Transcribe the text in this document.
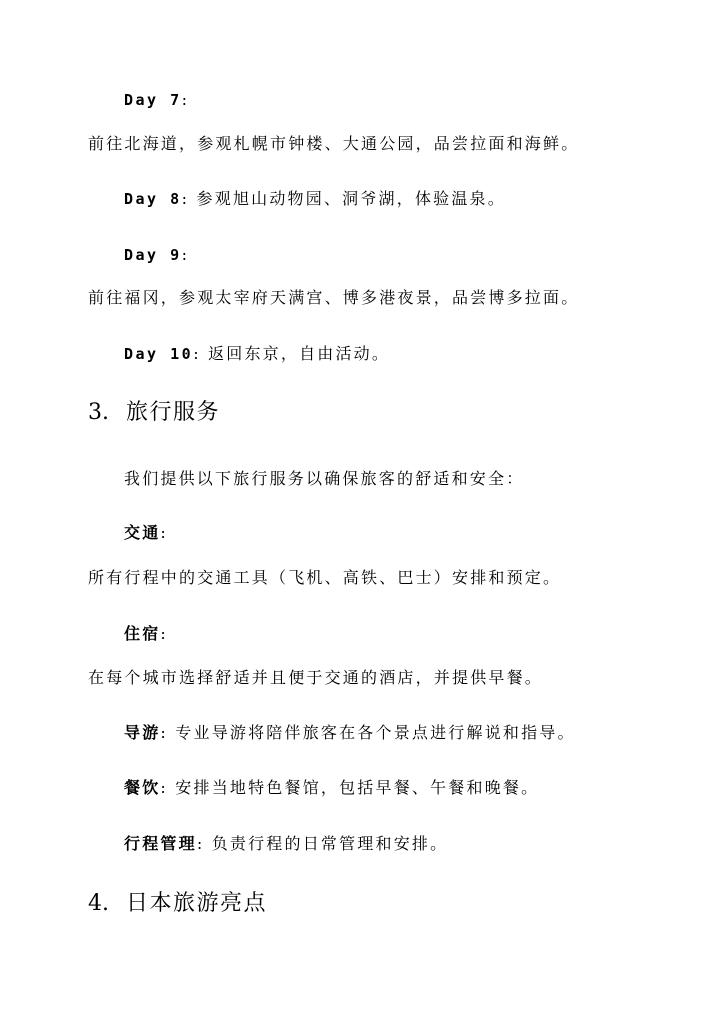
Day 7:
前往北海道，参观札幌市钟楼、大通公园，品尝拉面和海鲜。
Day 8: 参观旭山动物园、洞爷湖，体验温泉。
Day 9:
前往福冈，参观太宰府天满宫、博多港夜景，品尝博多拉面。
Day 10: 返回东京，自由活动。
3. 旅行服务
我们提供以下旅行服务以确保旅客的舒适和安全：
交通:
所有行程中的交通工具（飞机、高铁、巴士）安排和预定。
住宿:
在每个城市选择舒适并且便于交通的酒店，并提供早餐。
导游: 专业导游将陪伴旅客在各个景点进行解说和指导。
餐饮: 安排当地特色餐馆，包括早餐、午餐和晚餐。
行程管理: 负责行程的日常管理和安排。
4. 日本旅游亮点
